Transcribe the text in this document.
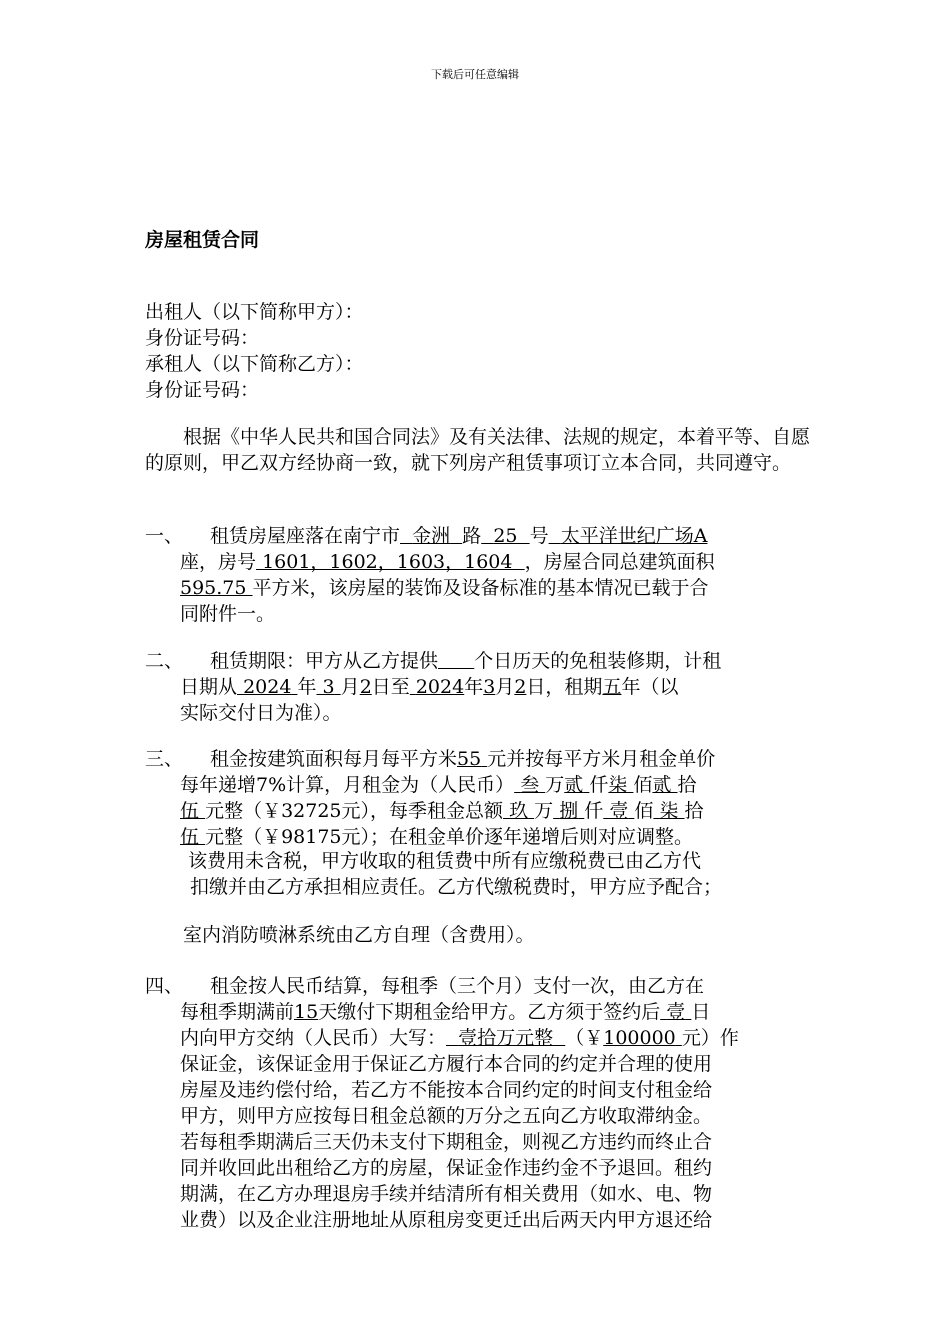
下载后可任意编辑
房屋租赁合同
出租人（以下简称甲方）：
身份证号码：
承租人（以下简称乙方）：
身份证号码：
根据《中华人民共和国合同法》及有关法律、法规的规定，本着平等、自愿的原则，甲乙双方经协商一致，就下列房产租赁事项订立本合同，共同遵守。
一、	租赁房屋座落在南宁市 金洲 路 25 号 太平洋世纪广场A
座，房号 1601，1602，1603，1604 ，房屋合同总建筑面积
595.75 平方米，该房屋的装饰及设备标准的基本情况已载于合
同附件一。
二、	租赁期限：甲方从乙方提供 个日历天的免租装修期，计租
日期从 2024 年 3 月2日至 2024年3月2日，租期五年（以
实际交付日为准）。
三、	租金按建筑面积每月每平方米55 元并按每平方米月租金单价
每年递增7%计算，月租金为（人民币） 叁 万贰 仟柒 佰贰 拾
伍 元整（￥32725元），每季租金总额 玖 万 捌 仟 壹 佰 柒 拾
伍 元整（￥98175元）；在租金单价逐年递增后则对应调整。
该费用未含税，甲方收取的租赁费中所有应缴税费已由乙方代
扣缴并由乙方承担相应责任。乙方代缴税费时，甲方应予配合；
室内消防喷淋系统由乙方自理（含费用）。
四、	租金按人民币结算，每租季（三个月）支付一次，由乙方在
每租季期满前15天缴付下期租金给甲方。乙方须于签约后 壹 日
内向甲方交纳（人民币）大写： 壹拾万元整 （￥100000 元）作
保证金，该保证金用于保证乙方履行本合同的约定并合理的使用
房屋及违约偿付给，若乙方不能按本合同约定的时间支付租金给
甲方，则甲方应按每日租金总额的万分之五向乙方收取滞纳金。
若每租季期满后三天仍未支付下期租金，则视乙方违约而终止合
同并收回此出租给乙方的房屋，保证金作违约金不予退回。租约
期满，在乙方办理退房手续并结清所有相关费用（如水、电、物
业费）以及企业注册地址从原租房变更迁出后两天内甲方退还给
